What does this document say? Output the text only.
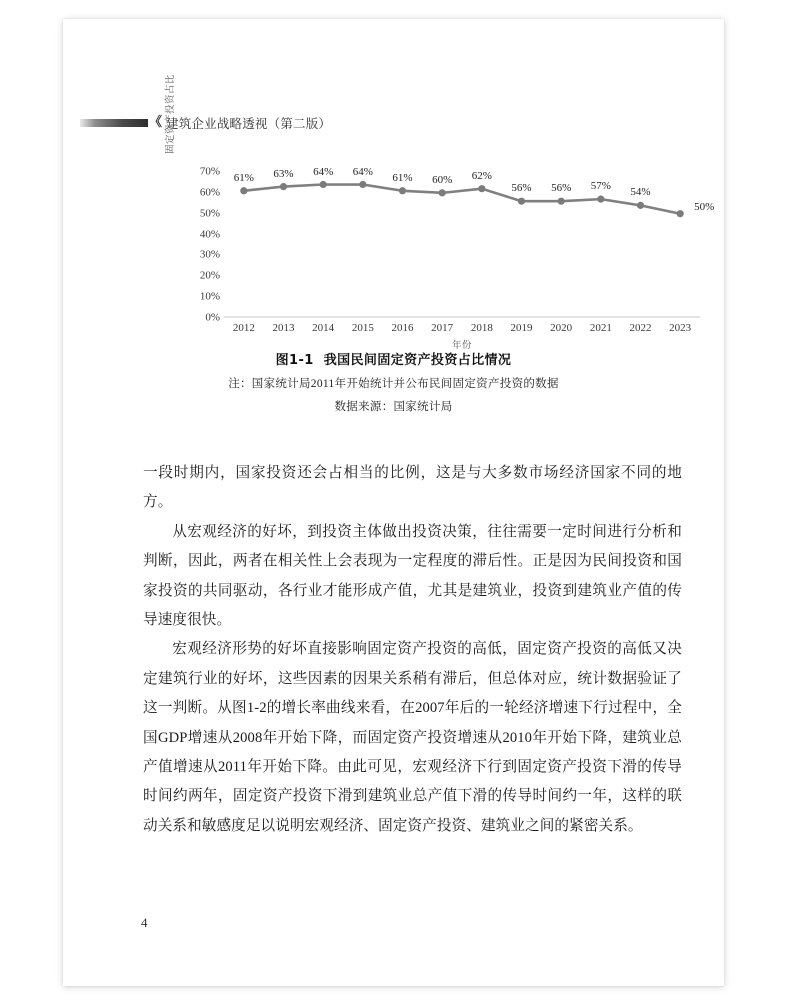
《 建筑企业战略透视（第二版）
固定资产投资占比
70%
60%
50%
40%
30%
20%
10%
0%
61% 63% 64% 64%
61% 60% 62%
56% 56% 57%
54%
50%
2012 2013 2014 2015 2016 2017 2018 2019 2020 2021 2022 2023
年份
图1-1 我国民间固定资产投资占比情况
注：国家统计局2011年开始统计并公布民间固定资产投资的数据
数据来源：国家统计局

一段时期内，国家投资还会占相当的比例，这是与大多数市场经济国家不同的地方。

从宏观经济的好坏，到投资主体做出投资决策，往往需要一定时间进行分析和判断，因此，两者在相关性上会表现为一定程度的滞后性。正是因为民间投资和国家投资的共同驱动，各行业才能形成产值，尤其是建筑业，投资到建筑业产值的传导速度很快。

宏观经济形势的好坏直接影响固定资产投资的高低，固定资产投资的高低又决定建筑行业的好坏，这些因素的因果关系稍有滞后，但总体对应，统计数据验证了这一判断。从图1-2的增长率曲线来看，在2007年后的一轮经济增速下行过程中，全国GDP增速从2008年开始下降，而固定资产投资增速从2010年开始下降，建筑业总产值增速从2011年开始下降。由此可见，宏观经济下行到固定资产投资下滑的传导时间约两年，固定资产投资下滑到建筑业总产值下滑的传导时间约一年，这样的联动关系和敏感度足以说明宏观经济、固定资产投资、建筑业之间的紧密关系。

4
